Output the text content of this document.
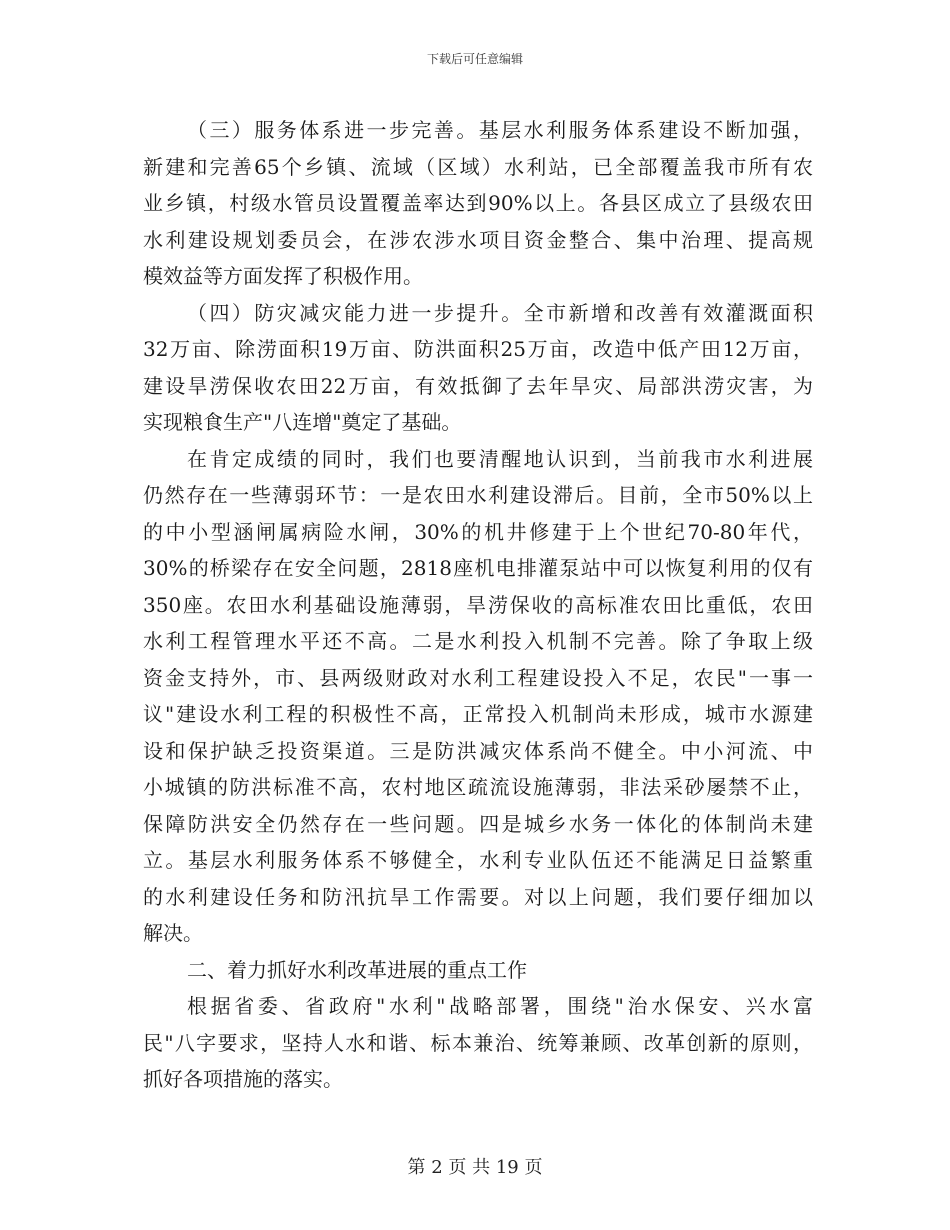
下载后可任意编辑
（三）服务体系进一步完善。基层水利服务体系建设不断加强，
新建和完善65个乡镇、流域（区域）水利站，已全部覆盖我市所有农
业乡镇，村级水管员设置覆盖率达到90%以上。各县区成立了县级农田
水利建设规划委员会，在涉农涉水项目资金整合、集中治理、提高规
模效益等方面发挥了积极作用。
（四）防灾减灾能力进一步提升。全市新增和改善有效灌溉面积
32万亩、除涝面积19万亩、防洪面积25万亩，改造中低产田12万亩，
建设旱涝保收农田22万亩，有效抵御了去年旱灾、局部洪涝灾害，为
实现粮食生产"八连增"奠定了基础。
在肯定成绩的同时，我们也要清醒地认识到，当前我市水利进展
仍然存在一些薄弱环节：一是农田水利建设滞后。目前，全市50%以上
的中小型涵闸属病险水闸，30%的机井修建于上个世纪70-80年代，
30%的桥梁存在安全问题，2818座机电排灌泵站中可以恢复利用的仅有
350座。农田水利基础设施薄弱，旱涝保收的高标准农田比重低，农田
水利工程管理水平还不高。二是水利投入机制不完善。除了争取上级
资金支持外，市、县两级财政对水利工程建设投入不足，农民"一事一
议"建设水利工程的积极性不高，正常投入机制尚未形成，城市水源建
设和保护缺乏投资渠道。三是防洪减灾体系尚不健全。中小河流、中
小城镇的防洪标准不高，农村地区疏流设施薄弱，非法采砂屡禁不止，
保障防洪安全仍然存在一些问题。四是城乡水务一体化的体制尚未建
立。基层水利服务体系不够健全，水利专业队伍还不能满足日益繁重
的水利建设任务和防汛抗旱工作需要。对以上问题，我们要仔细加以
解决。
二、着力抓好水利改革进展的重点工作
根据省委、省政府"水利"战略部署，围绕"治水保安、兴水富
民"八字要求，坚持人水和谐、标本兼治、统筹兼顾、改革创新的原则，
抓好各项措施的落实。
第 2 页 共 19 页
